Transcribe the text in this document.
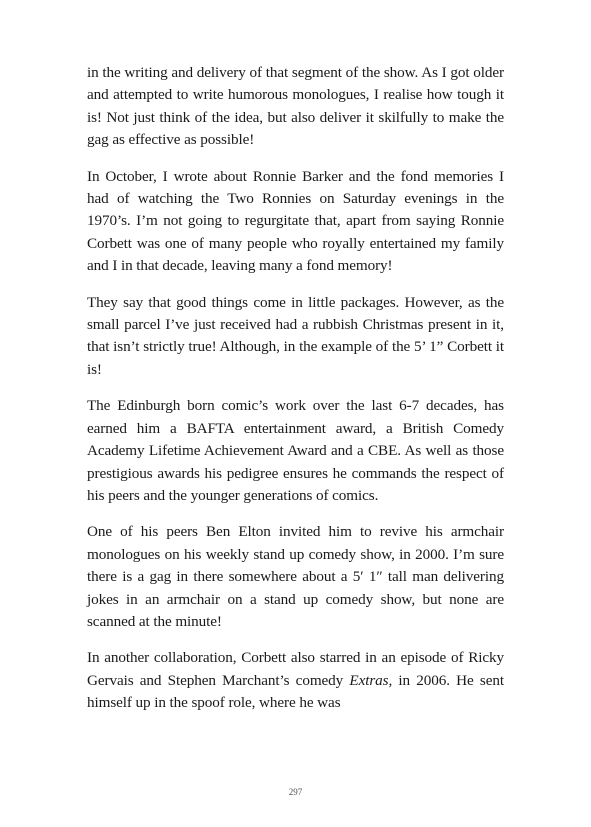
in the writing and delivery of that segment of the show. As I got older and attempted to write humorous monologues, I realise how tough it is! Not just think of the idea, but also deliver it skilfully to make the gag as effective as possible!

In October, I wrote about Ronnie Barker and the fond memories I had of watching the Two Ronnies on Saturday evenings in the 1970’s. I’m not going to regurgitate that, apart from saying Ronnie Corbett was one of many people who royally entertained my family and I in that decade, leaving many a fond memory!

They say that good things come in little packages. However, as the small parcel I’ve just received had a rubbish Christmas present in it, that isn’t strictly true! Although, in the example of the 5’ 1” Corbett it is!

The Edinburgh born comic’s work over the last 6-7 decades, has earned him a BAFTA entertainment award, a British Comedy Academy Lifetime Achievement Award and a CBE. As well as those prestigious awards his pedigree ensures he commands the respect of his peers and the younger generations of comics.

One of his peers Ben Elton invited him to revive his armchair monologues on his weekly stand up comedy show, in 2000. I’m sure there is a gag in there somewhere about a 5′ 1″ tall man delivering jokes in an armchair on a stand up comedy show, but none are scanned at the minute!

In another collaboration, Corbett also starred in an episode of Ricky Gervais and Stephen Marchant’s comedy Extras, in 2006. He sent himself up in the spoof role, where he was

297
